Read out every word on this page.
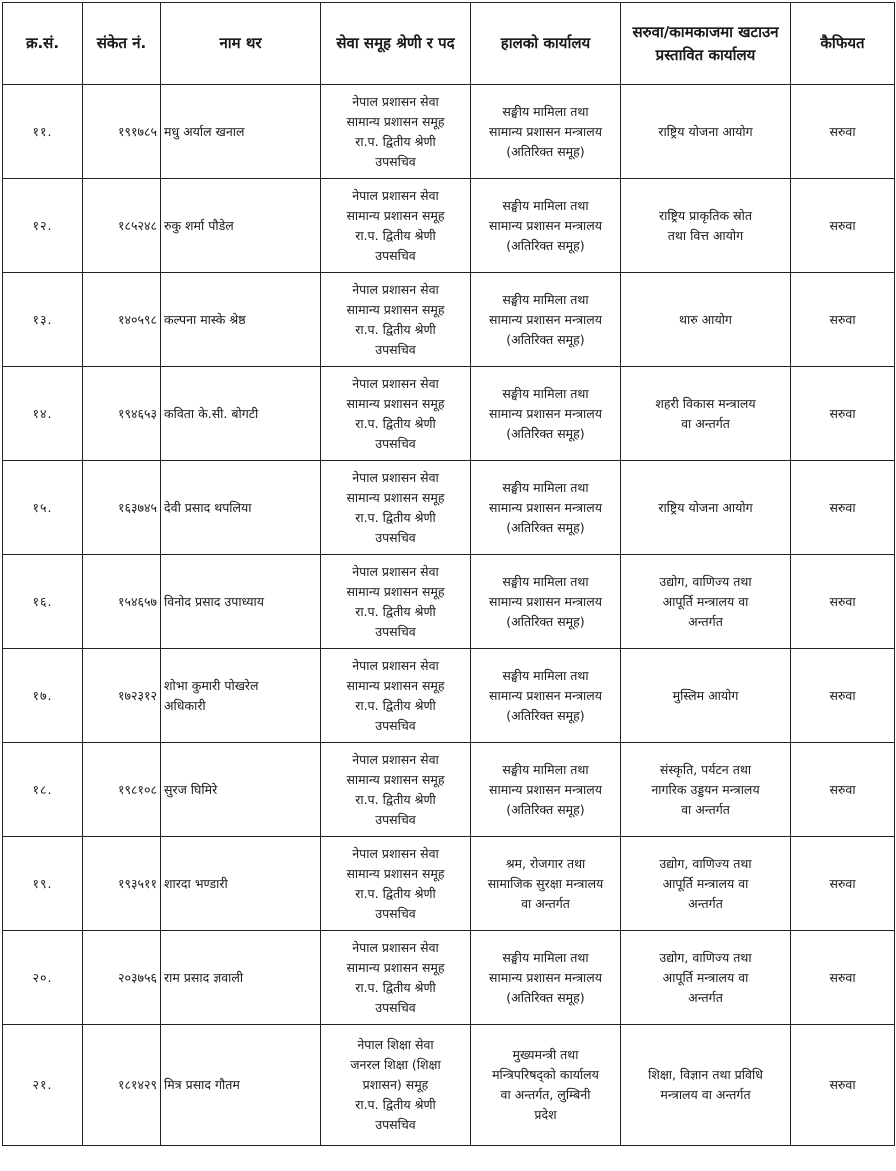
क्र.सं.	संकेत नं.	नाम थर	सेवा समूह श्रेणी र पद	हालको कार्यालय	सरुवा/कामकाजमा खटाउन प्रस्तावित कार्यालय	कैफियत
११.	१९१७८५	मधु अर्याल खनाल	नेपाल प्रशासन सेवा
सामान्य प्रशासन समूह
रा.प. द्वितीय श्रेणी
उपसचिव	सङ्घीय मामिला तथा
सामान्य प्रशासन मन्त्रालय
(अतिरिक्त समूह)	राष्ट्रिय योजना आयोग	सरुवा
१२.	१८५२४८	रुकु शर्मा पौडेल	नेपाल प्रशासन सेवा
सामान्य प्रशासन समूह
रा.प. द्वितीय श्रेणी
उपसचिव	सङ्घीय मामिला तथा
सामान्य प्रशासन मन्त्रालय
(अतिरिक्त समूह)	राष्ट्रिय प्राकृतिक स्रोत
तथा वित्त आयोग	सरुवा
१३.	१४०५९८	कल्पना मास्के श्रेष्ठ	नेपाल प्रशासन सेवा
सामान्य प्रशासन समूह
रा.प. द्वितीय श्रेणी
उपसचिव	सङ्घीय मामिला तथा
सामान्य प्रशासन मन्त्रालय
(अतिरिक्त समूह)	थारु आयोग	सरुवा
१४.	१९४६५३	कविता के.सी. बोगटी	नेपाल प्रशासन सेवा
सामान्य प्रशासन समूह
रा.प. द्वितीय श्रेणी
उपसचिव	सङ्घीय मामिला तथा
सामान्य प्रशासन मन्त्रालय
(अतिरिक्त समूह)	शहरी विकास मन्त्रालय
वा अन्तर्गत	सरुवा
१५.	१६३७४५	देवी प्रसाद थपलिया	नेपाल प्रशासन सेवा
सामान्य प्रशासन समूह
रा.प. द्वितीय श्रेणी
उपसचिव	सङ्घीय मामिला तथा
सामान्य प्रशासन मन्त्रालय
(अतिरिक्त समूह)	राष्ट्रिय योजना आयोग	सरुवा
१६.	१५४६५७	विनोद प्रसाद उपाध्याय	नेपाल प्रशासन सेवा
सामान्य प्रशासन समूह
रा.प. द्वितीय श्रेणी
उपसचिव	सङ्घीय मामिला तथा
सामान्य प्रशासन मन्त्रालय
(अतिरिक्त समूह)	उद्योग, वाणिज्य तथा
आपूर्ति मन्त्रालय वा
अन्तर्गत	सरुवा
१७.	१७२३१२	शोभा कुमारी पोखरेल
अधिकारी	नेपाल प्रशासन सेवा
सामान्य प्रशासन समूह
रा.प. द्वितीय श्रेणी
उपसचिव	सङ्घीय मामिला तथा
सामान्य प्रशासन मन्त्रालय
(अतिरिक्त समूह)	मुस्लिम आयोग	सरुवा
१८.	१९८१०८	सुरज घिमिरे	नेपाल प्रशासन सेवा
सामान्य प्रशासन समूह
रा.प. द्वितीय श्रेणी
उपसचिव	सङ्घीय मामिला तथा
सामान्य प्रशासन मन्त्रालय
(अतिरिक्त समूह)	संस्कृति, पर्यटन तथा
नागरिक उड्डयन मन्त्रालय
वा अन्तर्गत	सरुवा
१९.	१९३५११	शारदा भण्डारी	नेपाल प्रशासन सेवा
सामान्य प्रशासन समूह
रा.प. द्वितीय श्रेणी
उपसचिव	श्रम, रोजगार तथा
सामाजिक सुरक्षा मन्त्रालय
वा अन्तर्गत	उद्योग, वाणिज्य तथा
आपूर्ति मन्त्रालय वा
अन्तर्गत	सरुवा
२०.	२०३७५६	राम प्रसाद ज्ञवाली	नेपाल प्रशासन सेवा
सामान्य प्रशासन समूह
रा.प. द्वितीय श्रेणी
उपसचिव	सङ्घीय मामिला तथा
सामान्य प्रशासन मन्त्रालय
(अतिरिक्त समूह)	उद्योग, वाणिज्य तथा
आपूर्ति मन्त्रालय वा
अन्तर्गत	सरुवा
२१.	१८१४२९	मित्र प्रसाद गौतम	नेपाल शिक्षा सेवा
जनरल शिक्षा (शिक्षा
प्रशासन) समूह
रा.प. द्वितीय श्रेणी
उपसचिव	मुख्यमन्त्री तथा
मन्त्रिपरिषद्को कार्यालय
वा अन्तर्गत, लुम्बिनी
प्रदेश	शिक्षा, विज्ञान तथा प्रविधि
मन्त्रालय वा अन्तर्गत	सरुवा
